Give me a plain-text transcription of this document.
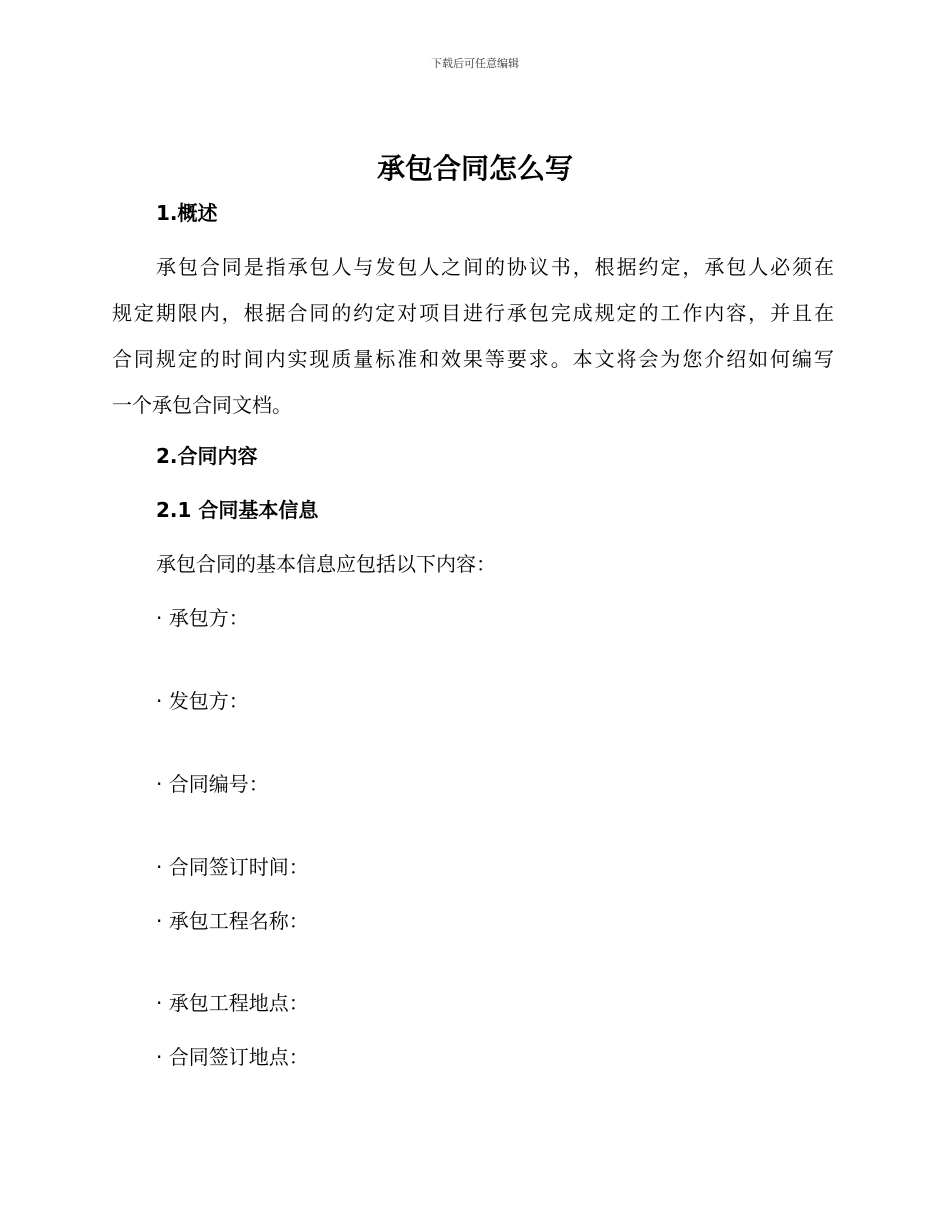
下载后可任意编辑
承包合同怎么写
1.概述
承包合同是指承包人与发包人之间的协议书，根据约定，承包人必须在
规定期限内，根据合同的约定对项目进行承包完成规定的工作内容，并且在
合同规定的时间内实现质量标准和效果等要求。本文将会为您介绍如何编写
一个承包合同文档。
2.合同内容
2.1 合同基本信息

承包合同的基本信息应包括以下内容：

· 承包方：

· 发包方：

· 合同编号：

· 合同签订时间：

· 承包工程名称：

· 承包工程地点：

· 合同签订地点：
